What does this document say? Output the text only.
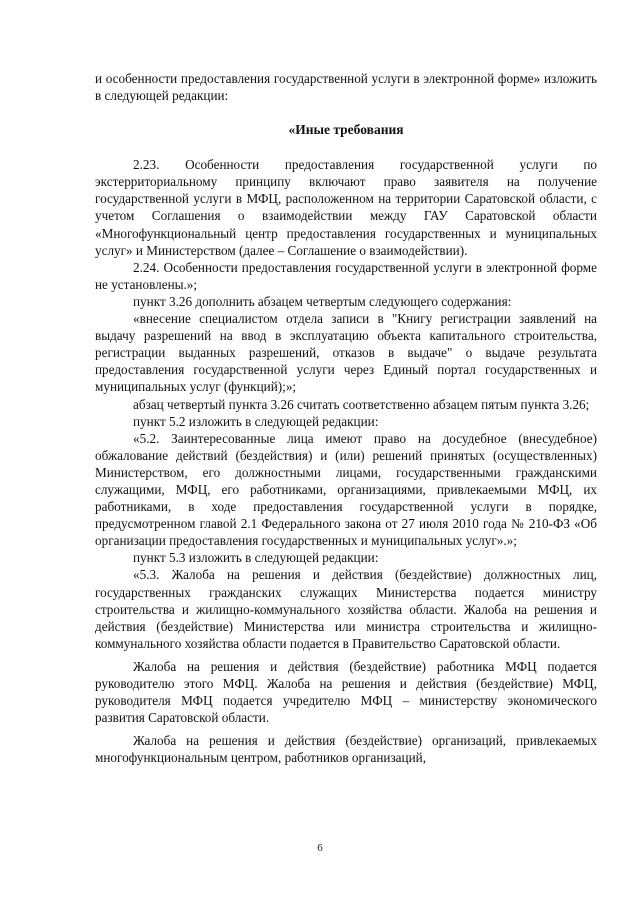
и особенности предоставления государственной услуги в электронной форме» изложить в следующей редакции:

«Иные требования

2.23. Особенности предоставления государственной услуги по экстерриториальному принципу включают право заявителя на получение государственной услуги в МФЦ, расположенном на территории Саратовской области, с учетом Соглашения о взаимодействии между ГАУ Саратовской области «Многофункциональный центр предоставления государственных и муниципальных услуг» и Министерством (далее – Соглашение о взаимодействии).

2.24. Особенности предоставления государственной услуги в электронной форме не установлены.»;

пункт 3.26 дополнить абзацем четвертым следующего содержания:

«внесение специалистом отдела записи в "Книгу регистрации заявлений на выдачу разрешений на ввод в эксплуатацию объекта капитального строительства, регистрации выданных разрешений, отказов в выдаче" о выдаче результата предоставления государственной услуги через Единый портал государственных и муниципальных услуг (функций);»;

абзац четвертый пункта 3.26 считать соответственно абзацем пятым пункта 3.26;

пункт 5.2 изложить в следующей редакции:

«5.2. Заинтересованные лица имеют право на досудебное (внесудебное) обжалование действий (бездействия) и (или) решений принятых (осуществленных) Министерством, его должностными лицами, государственными гражданскими служащими, МФЦ, его работниками, организациями, привлекаемыми МФЦ, их работниками, в ходе предоставления государственной услуги в порядке, предусмотренном главой 2.1 Федерального закона от 27 июля 2010 года № 210-ФЗ «Об организации предоставления государственных и муниципальных услуг».»;

пункт 5.3 изложить в следующей редакции:

«5.3. Жалоба на решения и действия (бездействие) должностных лиц, государственных гражданских служащих Министерства подается министру строительства и жилищно-коммунального хозяйства области. Жалоба на решения и действия (бездействие) Министерства или министра строительства и жилищно-коммунального хозяйства области подается в Правительство Саратовской области.

Жалоба на решения и действия (бездействие) работника МФЦ подается руководителю этого МФЦ. Жалоба на решения и действия (бездействие) МФЦ, руководителя МФЦ подается учредителю МФЦ – министерству экономического развития Саратовской области.

Жалоба на решения и действия (бездействие) организаций, привлекаемых многофункциональным центром, работников организаций,

6
